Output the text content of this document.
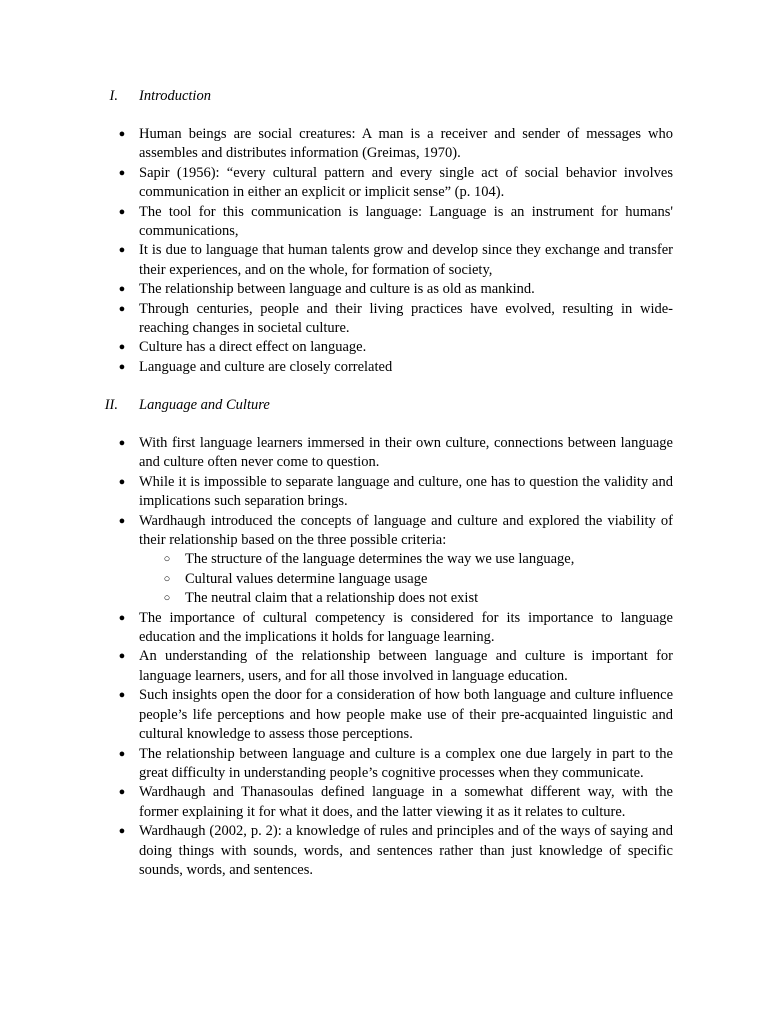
I. Introduction
● Human beings are social creatures: A man is a receiver and sender of messages who assembles and distributes information (Greimas, 1970).
● Sapir (1956): “every cultural pattern and every single act of social behavior involves communication in either an explicit or implicit sense” (p. 104).
● The tool for this communication is language: Language is an instrument for humans' communications,
● It is due to language that human talents grow and develop since they exchange and transfer their experiences, and on the whole, for formation of society,
● The relationship between language and culture is as old as mankind.
● Through centuries, people and their living practices have evolved, resulting in wide-reaching changes in societal culture.
● Culture has a direct effect on language.
● Language and culture are closely correlated
II. Language and Culture
● With first language learners immersed in their own culture, connections between language and culture often never come to question.
● While it is impossible to separate language and culture, one has to question the validity and implications such separation brings.
● Wardhaugh introduced the concepts of language and culture and explored the viability of their relationship based on the three possible criteria:
○ The structure of the language determines the way we use language,
○ Cultural values determine language usage
○ The neutral claim that a relationship does not exist
● The importance of cultural competency is considered for its importance to language education and the implications it holds for language learning.
● An understanding of the relationship between language and culture is important for language learners, users, and for all those involved in language education.
● Such insights open the door for a consideration of how both language and culture influence people’s life perceptions and how people make use of their pre-acquainted linguistic and cultural knowledge to assess those perceptions.
● The relationship between language and culture is a complex one due largely in part to the great difficulty in understanding people’s cognitive processes when they communicate.
● Wardhaugh and Thanasoulas defined language in a somewhat different way, with the former explaining it for what it does, and the latter viewing it as it relates to culture.
● Wardhaugh (2002, p. 2): a knowledge of rules and principles and of the ways of saying and doing things with sounds, words, and sentences rather than just knowledge of specific sounds, words, and sentences.
